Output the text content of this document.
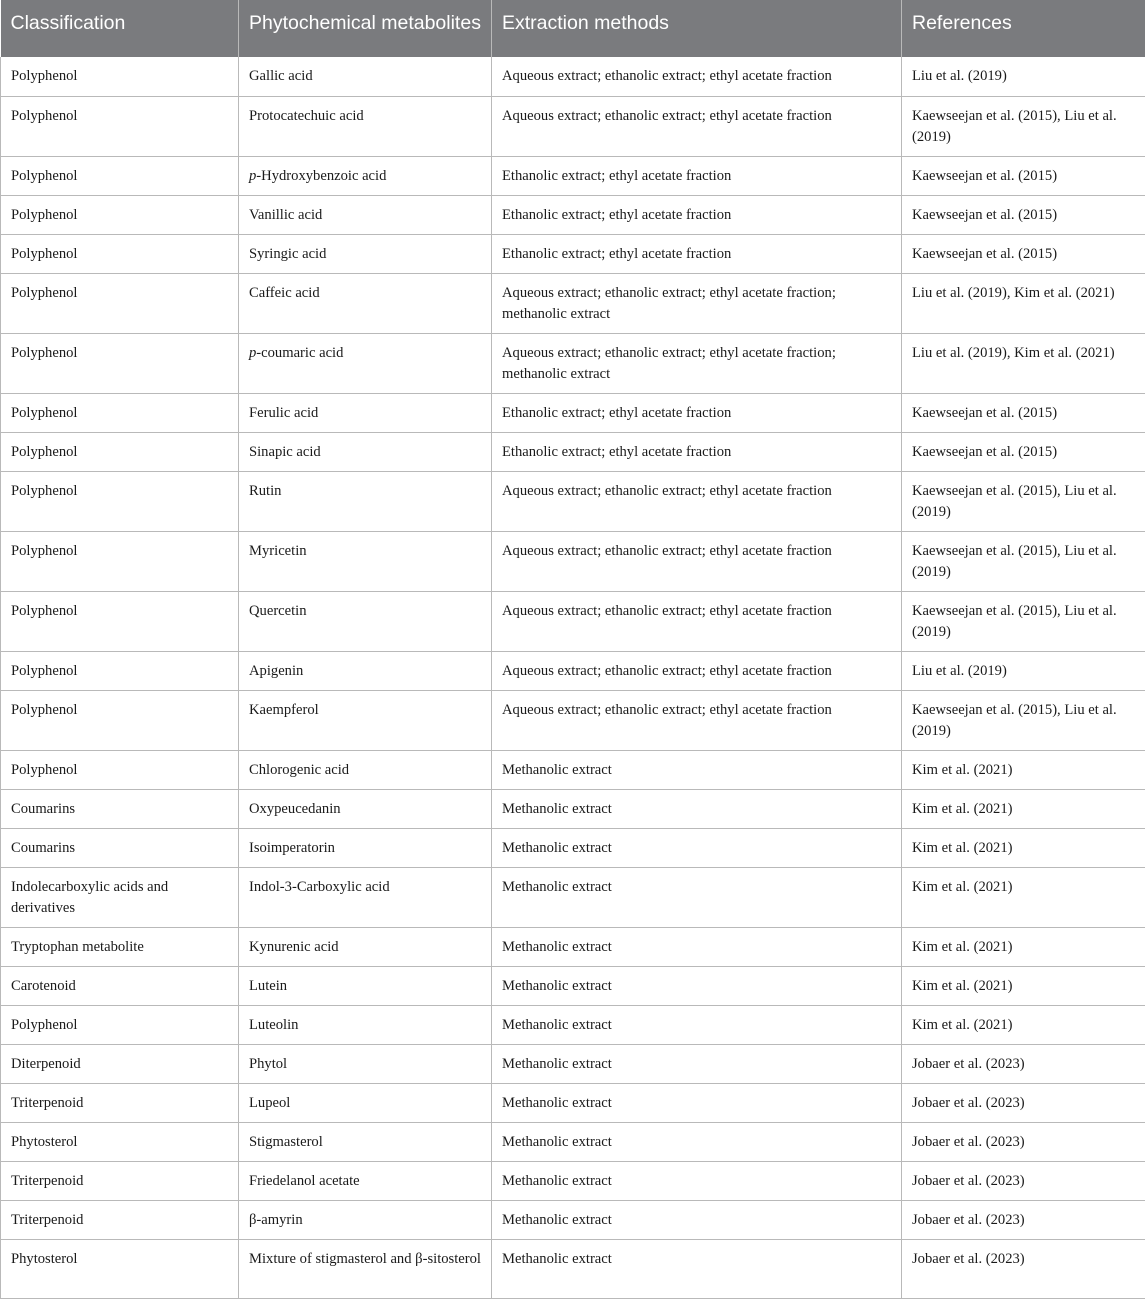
Classification	Phytochemical metabolites	Extraction methods	References
Polyphenol	Gallic acid	Aqueous extract; ethanolic extract; ethyl acetate fraction	Liu et al. (2019)
Polyphenol	Protocatechuic acid	Aqueous extract; ethanolic extract; ethyl acetate fraction	Kaewseejan et al. (2015), Liu et al. (2019)
Polyphenol	p-Hydroxybenzoic acid	Ethanolic extract; ethyl acetate fraction	Kaewseejan et al. (2015)
Polyphenol	Vanillic acid	Ethanolic extract; ethyl acetate fraction	Kaewseejan et al. (2015)
Polyphenol	Syringic acid	Ethanolic extract; ethyl acetate fraction	Kaewseejan et al. (2015)
Polyphenol	Caffeic acid	Aqueous extract; ethanolic extract; ethyl acetate fraction; methanolic extract	Liu et al. (2019), Kim et al. (2021)
Polyphenol	p-coumaric acid	Aqueous extract; ethanolic extract; ethyl acetate fraction; methanolic extract	Liu et al. (2019), Kim et al. (2021)
Polyphenol	Ferulic acid	Ethanolic extract; ethyl acetate fraction	Kaewseejan et al. (2015)
Polyphenol	Sinapic acid	Ethanolic extract; ethyl acetate fraction	Kaewseejan et al. (2015)
Polyphenol	Rutin	Aqueous extract; ethanolic extract; ethyl acetate fraction	Kaewseejan et al. (2015), Liu et al. (2019)
Polyphenol	Myricetin	Aqueous extract; ethanolic extract; ethyl acetate fraction	Kaewseejan et al. (2015), Liu et al. (2019)
Polyphenol	Quercetin	Aqueous extract; ethanolic extract; ethyl acetate fraction	Kaewseejan et al. (2015), Liu et al. (2019)
Polyphenol	Apigenin	Aqueous extract; ethanolic extract; ethyl acetate fraction	Liu et al. (2019)
Polyphenol	Kaempferol	Aqueous extract; ethanolic extract; ethyl acetate fraction	Kaewseejan et al. (2015), Liu et al. (2019)
Polyphenol	Chlorogenic acid	Methanolic extract	Kim et al. (2021)
Coumarins	Oxypeucedanin	Methanolic extract	Kim et al. (2021)
Coumarins	Isoimperatorin	Methanolic extract	Kim et al. (2021)
Indolecarboxylic acids and derivatives	Indol-3-Carboxylic acid	Methanolic extract	Kim et al. (2021)
Tryptophan metabolite	Kynurenic acid	Methanolic extract	Kim et al. (2021)
Carotenoid	Lutein	Methanolic extract	Kim et al. (2021)
Polyphenol	Luteolin	Methanolic extract	Kim et al. (2021)
Diterpenoid	Phytol	Methanolic extract	Jobaer et al. (2023)
Triterpenoid	Lupeol	Methanolic extract	Jobaer et al. (2023)
Phytosterol	Stigmasterol	Methanolic extract	Jobaer et al. (2023)
Triterpenoid	Friedelanol acetate	Methanolic extract	Jobaer et al. (2023)
Triterpenoid	β-amyrin	Methanolic extract	Jobaer et al. (2023)
Phytosterol	Mixture of stigmasterol and β-sitosterol	Methanolic extract	Jobaer et al. (2023)
